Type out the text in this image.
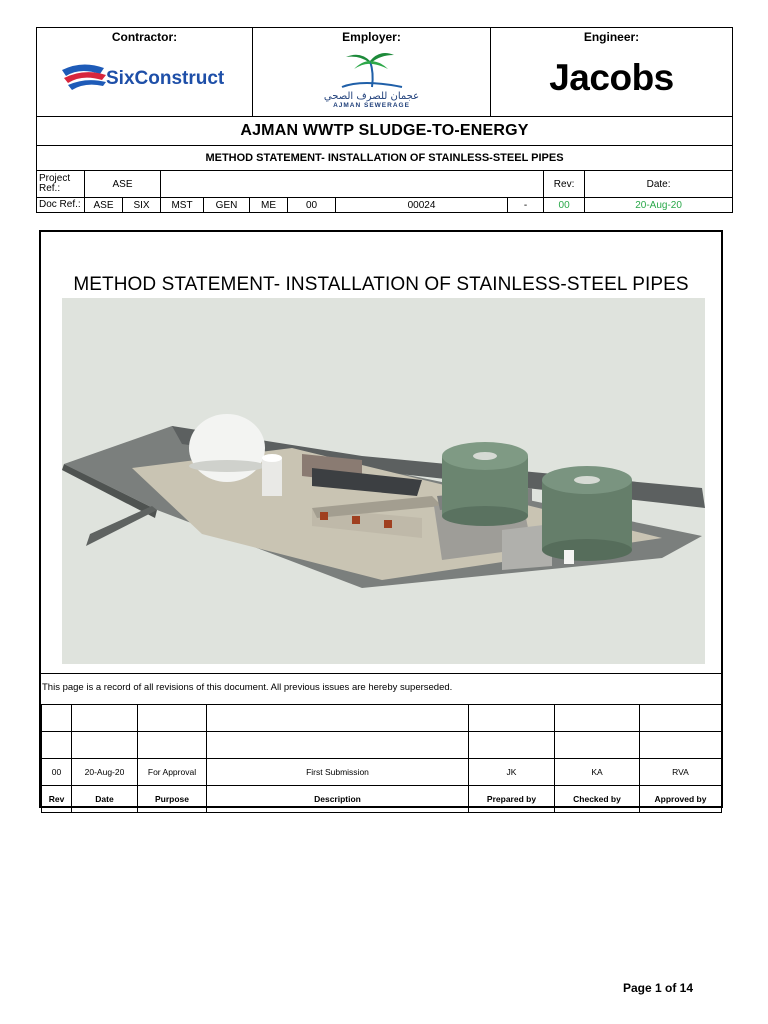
Contractor:
SixConstruct

Employer:
عجمان للصرف الصحي
AJMAN SEWERAGE

Engineer:
Jacobs

AJMAN WWTP SLUDGE-TO-ENERGY
METHOD STATEMENT- INSTALLATION OF STAINLESS-STEEL PIPES
Project Ref.:	ASE								Rev:	Date:
Doc Ref.:	ASE	SIX	MST	GEN	ME	00	00024	-	00	20-Aug-20
METHOD STATEMENT- INSTALLATION OF STAINLESS-STEEL PIPES
This page is a record of all revisions of this document. All previous issues are hereby superseded.

00	20-Aug-20	For Approval	First Submission	JK	KA	RVA
Rev	Date	Purpose	Description	Prepared by	Checked by	Approved by
Page 1 of 14
